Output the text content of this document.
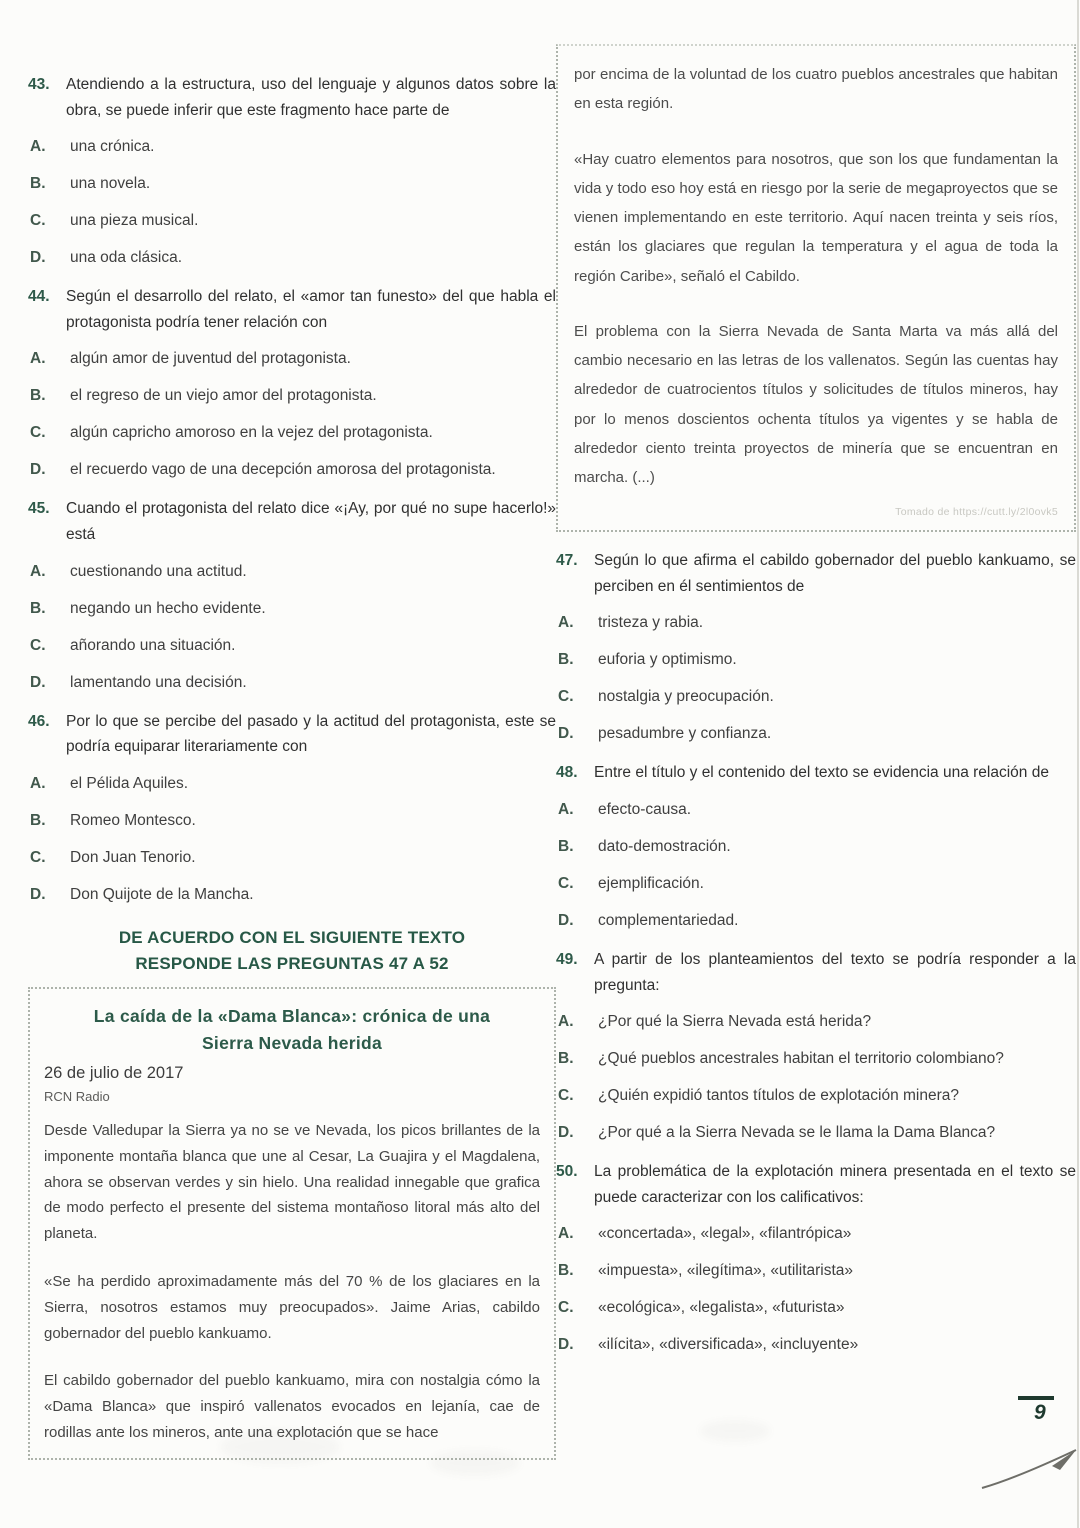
43.	Atendiendo a la estructura, uso del lenguaje y algunos datos sobre la obra, se puede inferir que este fragmento hace parte de
A.	una crónica.
B.	una novela.
C.	una pieza musical.
D.	una oda clásica.
44.	Según el desarrollo del relato, el «amor tan funesto» del que habla el protagonista podría tener relación con
A.	algún amor de juventud del protagonista.
B.	el regreso de un viejo amor del protagonista.
C.	algún capricho amoroso en la vejez del protagonista.
D.	el recuerdo vago de una decepción amorosa del protagonista.
45.	Cuando el protagonista del relato dice «¡Ay, por qué no supe hacerlo!» está
A.	cuestionando una actitud.
B.	negando un hecho evidente.
C.	añorando una situación.
D.	lamentando una decisión.
46.	Por lo que se percibe del pasado y la actitud del protagonista, este se podría equiparar literariamente con
A.	el Pélida Aquiles.
B.	Romeo Montesco.
C.	Don Juan Tenorio.
D.	Don Quijote de la Mancha.
DE ACUERDO CON EL SIGUIENTE TEXTO
RESPONDE LAS PREGUNTAS 47 A 52
La caída de la «Dama Blanca»: crónica de una
Sierra Nevada herida
26 de julio de 2017
RCN Radio

Desde Valledupar la Sierra ya no se ve Nevada, los picos brillantes de la imponente montaña blanca que une al Cesar, La Guajira y el Magdalena, ahora se observan verdes y sin hielo. Una realidad innegable que grafica de modo perfecto el presente del sistema montañoso litoral más alto del planeta.

«Se ha perdido aproximadamente más del 70 % de los glaciares en la Sierra, nosotros estamos muy preocupados». Jaime Arias, cabildo gobernador del pueblo kankuamo.

El cabildo gobernador del pueblo kankuamo, mira con nostalgia cómo la «Dama Blanca» que inspiró vallenatos evocados en lejanía, cae de rodillas ante los mineros, ante una explotación que se hace

por encima de la voluntad de los cuatro pueblos ancestrales que habitan en esta región.

«Hay cuatro elementos para nosotros, que son los que fundamentan la vida y todo eso hoy está en riesgo por la serie de megaproyectos que se vienen implementando en este territorio. Aquí nacen treinta y seis ríos, están los glaciares que regulan la temperatura y el agua de toda la región Caribe», señaló el Cabildo.

El problema con la Sierra Nevada de Santa Marta va más allá del cambio necesario en las letras de los vallenatos. Según las cuentas hay alrededor de cuatrocientos títulos y solicitudes de títulos mineros, hay por lo menos doscientos ochenta títulos ya vigentes y se habla de alrededor ciento treinta proyectos de minería que se encuentran en marcha. (...)

Tomado de https://cutt.ly/2l0ovk5
47.	Según lo que afirma el cabildo gobernador del pueblo kankuamo, se perciben en él sentimientos de
A.	tristeza y rabia.
B.	euforia y optimismo.
C.	nostalgia y preocupación.
D.	pesadumbre y confianza.
48.	Entre el título y el contenido del texto se evidencia una relación de
A.	efecto-causa.
B.	dato-demostración.
C.	ejemplificación.
D.	complementariedad.
49.	A partir de los planteamientos del texto se podría responder a la pregunta:
A.	¿Por qué la Sierra Nevada está herida?
B.	¿Qué pueblos ancestrales habitan el territorio colombiano?
C.	¿Quién expidió tantos títulos de explotación minera?
D.	¿Por qué a la Sierra Nevada se le llama la Dama Blanca?
50.	La problemática de la explotación minera presentada en el texto se puede caracterizar con los calificativos:
A.	«concertada», «legal», «filantrópica»
B.	«impuesta», «ilegítima», «utilitarista»
C.	«ecológica», «legalista», «futurista»
D.	«ilícita», «diversificada», «incluyente»
9
